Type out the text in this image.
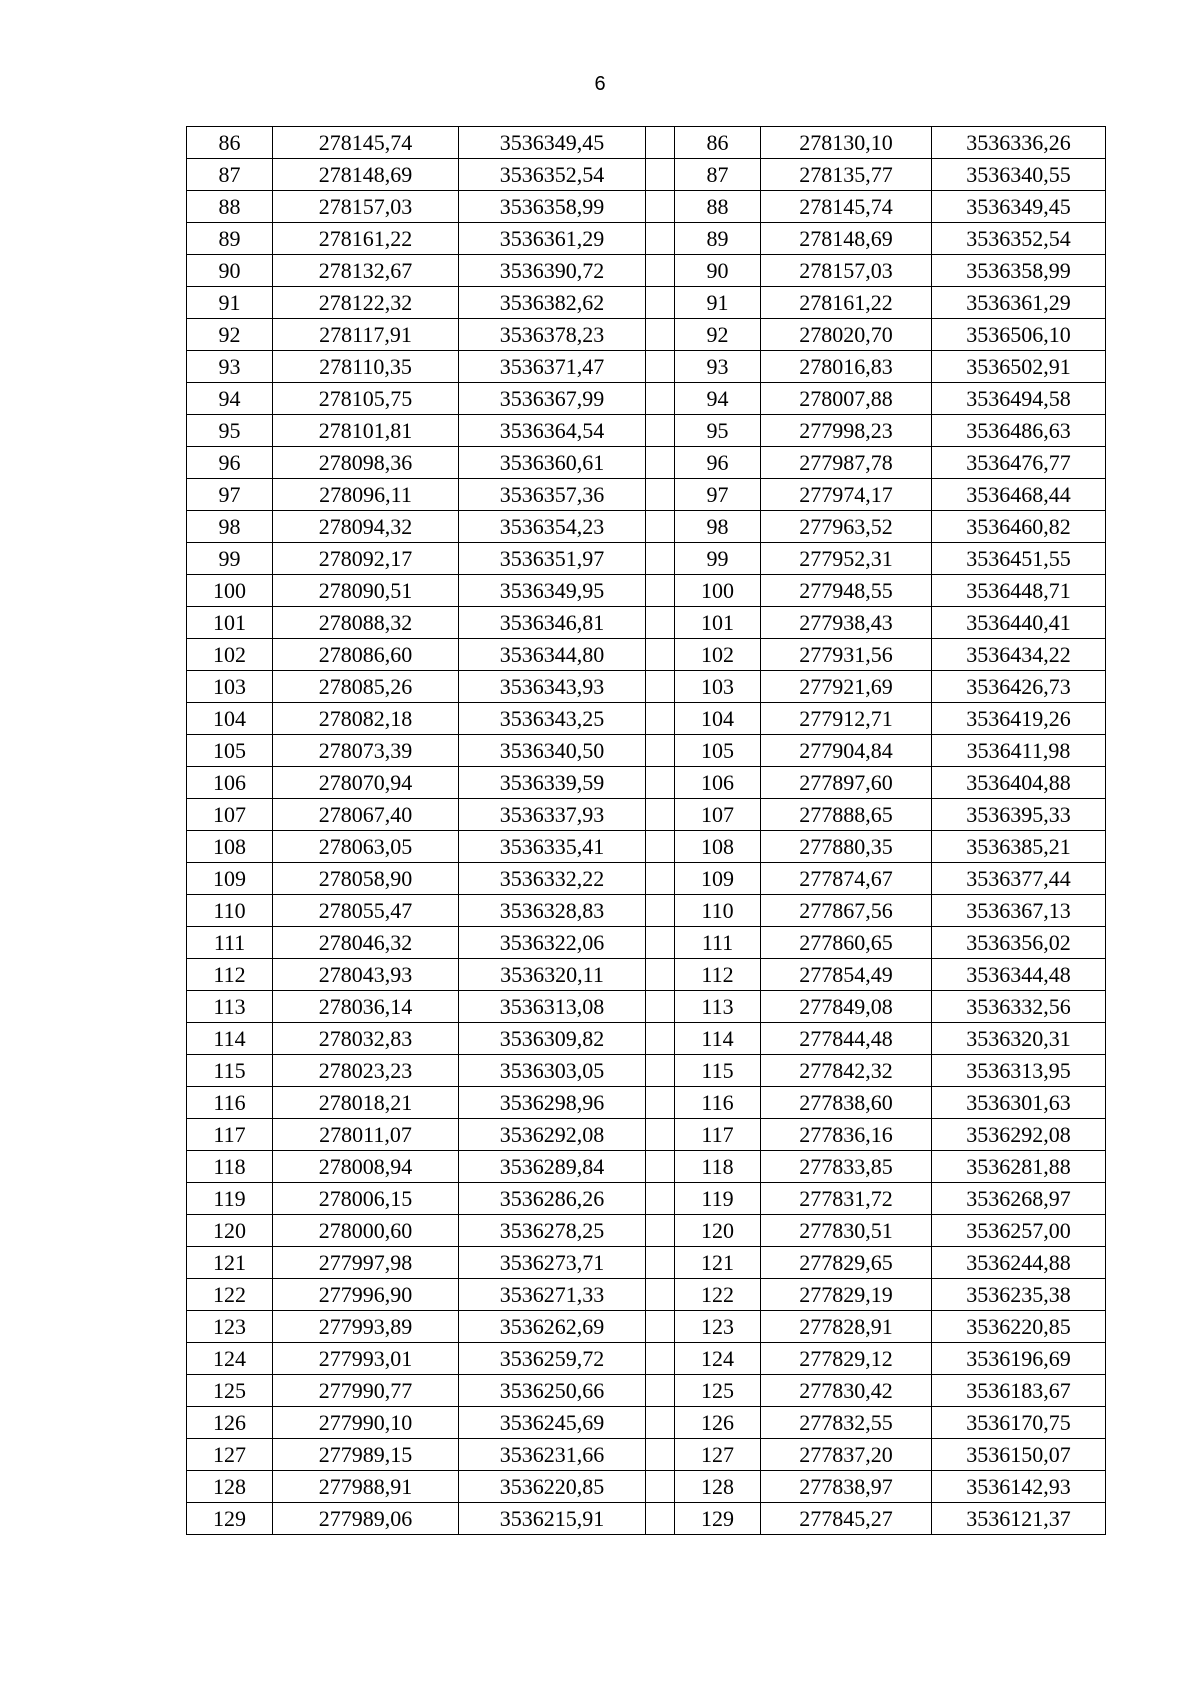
6
86	278145,74	3536349,45		86	278130,10	3536336,26
87	278148,69	3536352,54		87	278135,77	3536340,55
88	278157,03	3536358,99		88	278145,74	3536349,45
89	278161,22	3536361,29		89	278148,69	3536352,54
90	278132,67	3536390,72		90	278157,03	3536358,99
91	278122,32	3536382,62		91	278161,22	3536361,29
92	278117,91	3536378,23		92	278020,70	3536506,10
93	278110,35	3536371,47		93	278016,83	3536502,91
94	278105,75	3536367,99		94	278007,88	3536494,58
95	278101,81	3536364,54		95	277998,23	3536486,63
96	278098,36	3536360,61		96	277987,78	3536476,77
97	278096,11	3536357,36		97	277974,17	3536468,44
98	278094,32	3536354,23		98	277963,52	3536460,82
99	278092,17	3536351,97		99	277952,31	3536451,55
100	278090,51	3536349,95		100	277948,55	3536448,71
101	278088,32	3536346,81		101	277938,43	3536440,41
102	278086,60	3536344,80		102	277931,56	3536434,22
103	278085,26	3536343,93		103	277921,69	3536426,73
104	278082,18	3536343,25		104	277912,71	3536419,26
105	278073,39	3536340,50		105	277904,84	3536411,98
106	278070,94	3536339,59		106	277897,60	3536404,88
107	278067,40	3536337,93		107	277888,65	3536395,33
108	278063,05	3536335,41		108	277880,35	3536385,21
109	278058,90	3536332,22		109	277874,67	3536377,44
110	278055,47	3536328,83		110	277867,56	3536367,13
111	278046,32	3536322,06		111	277860,65	3536356,02
112	278043,93	3536320,11		112	277854,49	3536344,48
113	278036,14	3536313,08		113	277849,08	3536332,56
114	278032,83	3536309,82		114	277844,48	3536320,31
115	278023,23	3536303,05		115	277842,32	3536313,95
116	278018,21	3536298,96		116	277838,60	3536301,63
117	278011,07	3536292,08		117	277836,16	3536292,08
118	278008,94	3536289,84		118	277833,85	3536281,88
119	278006,15	3536286,26		119	277831,72	3536268,97
120	278000,60	3536278,25		120	277830,51	3536257,00
121	277997,98	3536273,71		121	277829,65	3536244,88
122	277996,90	3536271,33		122	277829,19	3536235,38
123	277993,89	3536262,69		123	277828,91	3536220,85
124	277993,01	3536259,72		124	277829,12	3536196,69
125	277990,77	3536250,66		125	277830,42	3536183,67
126	277990,10	3536245,69		126	277832,55	3536170,75
127	277989,15	3536231,66		127	277837,20	3536150,07
128	277988,91	3536220,85		128	277838,97	3536142,93
129	277989,06	3536215,91		129	277845,27	3536121,37
